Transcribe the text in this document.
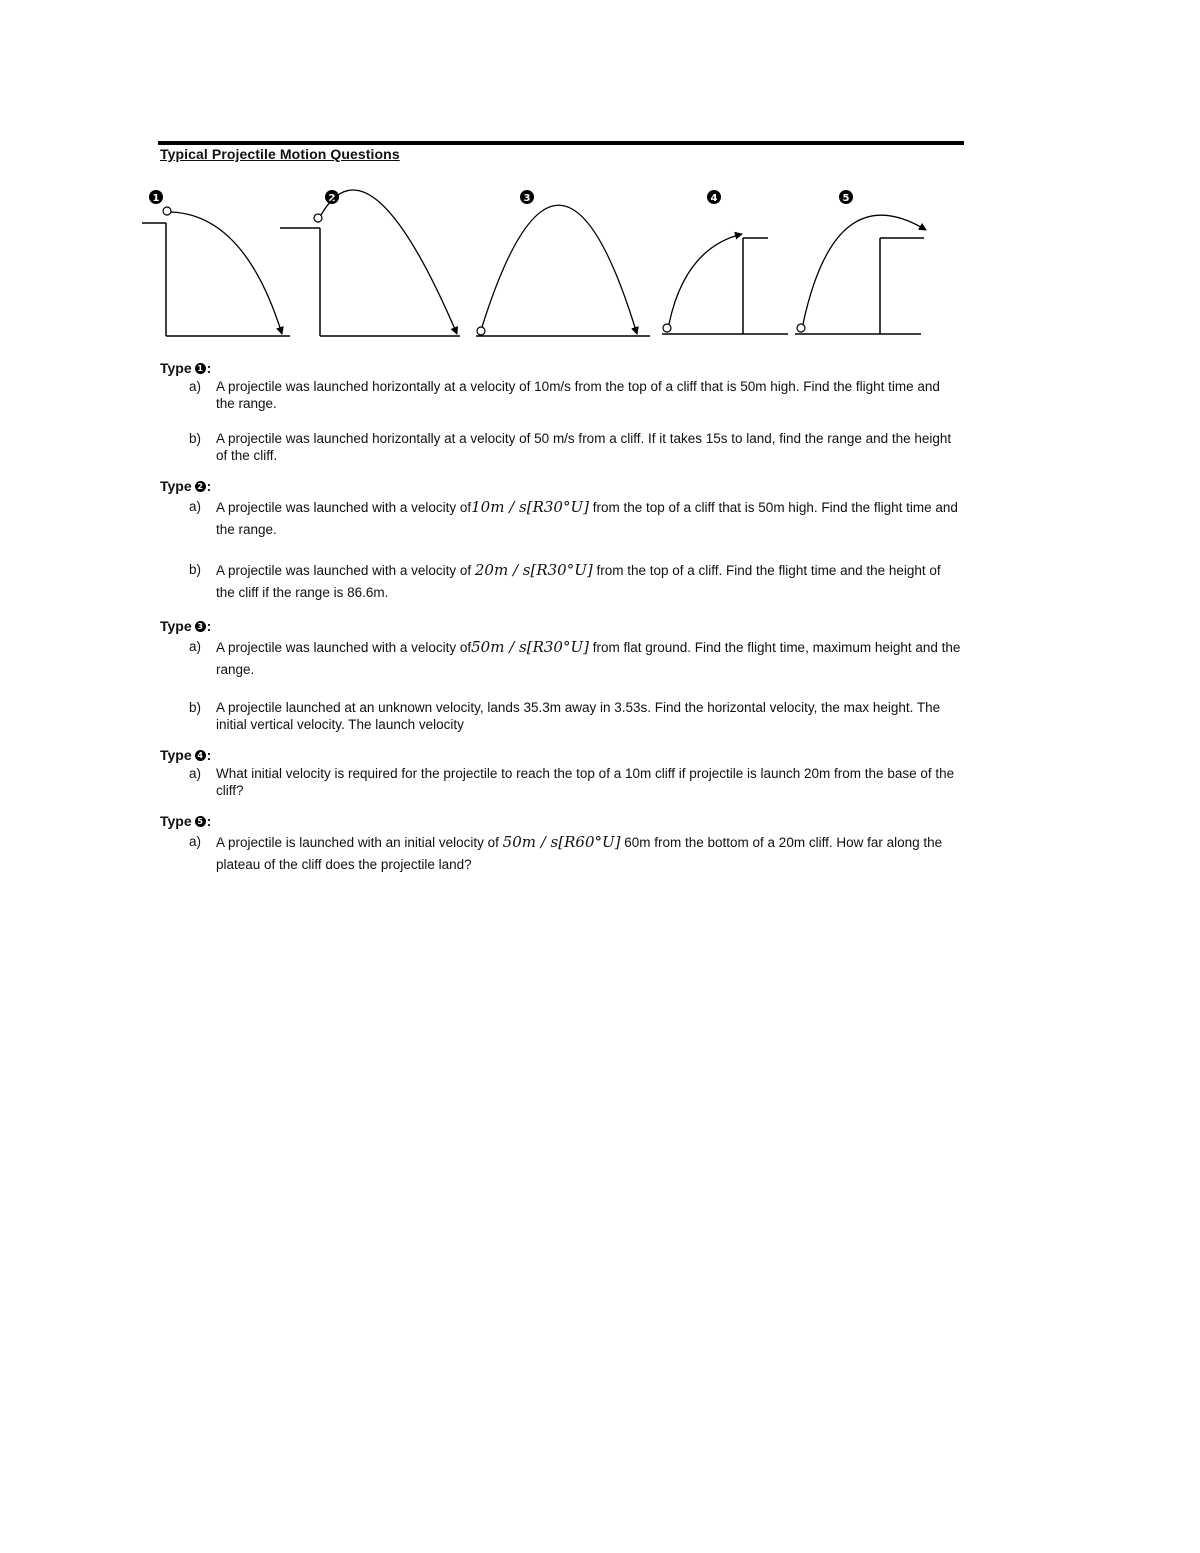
Typical Projectile Motion Questions
1	2	3	4	5
Type 1 :
a)	A projectile was launched horizontally at a velocity of 10m/s from the top of a cliff that is 50m high. Find the flight time and the range.
b)	A projectile was launched horizontally at a velocity of 50 m/s from a cliff. If it takes 15s to land, find the range and the height of the cliff.
Type 2 :
a)	A projectile was launched with a velocity of10m / s[R30°U] from the top of a cliff that is 50m high. Find the flight time and the range.
b)	A projectile was launched with a velocity of 20m / s[R30°U] from the top of a cliff. Find the flight time and the height of the cliff if the range is 86.6m.
Type 3 :
a)	A projectile was launched with a velocity of50m / s[R30°U] from flat ground. Find the flight time, maximum height and the range.
b)	A projectile launched at an unknown velocity, lands 35.3m away in 3.53s. Find the horizontal velocity, the max height. The initial vertical velocity. The launch velocity
Type 4 :
a)	What initial velocity is required for the projectile to reach the top of a 10m cliff if projectile is launch 20m from the base of the cliff?
Type 5 :
a)	A projectile is launched with an initial velocity of 50m / s[R60°U] 60m from the bottom of a 20m cliff. How far along the plateau of the cliff does the projectile land?
